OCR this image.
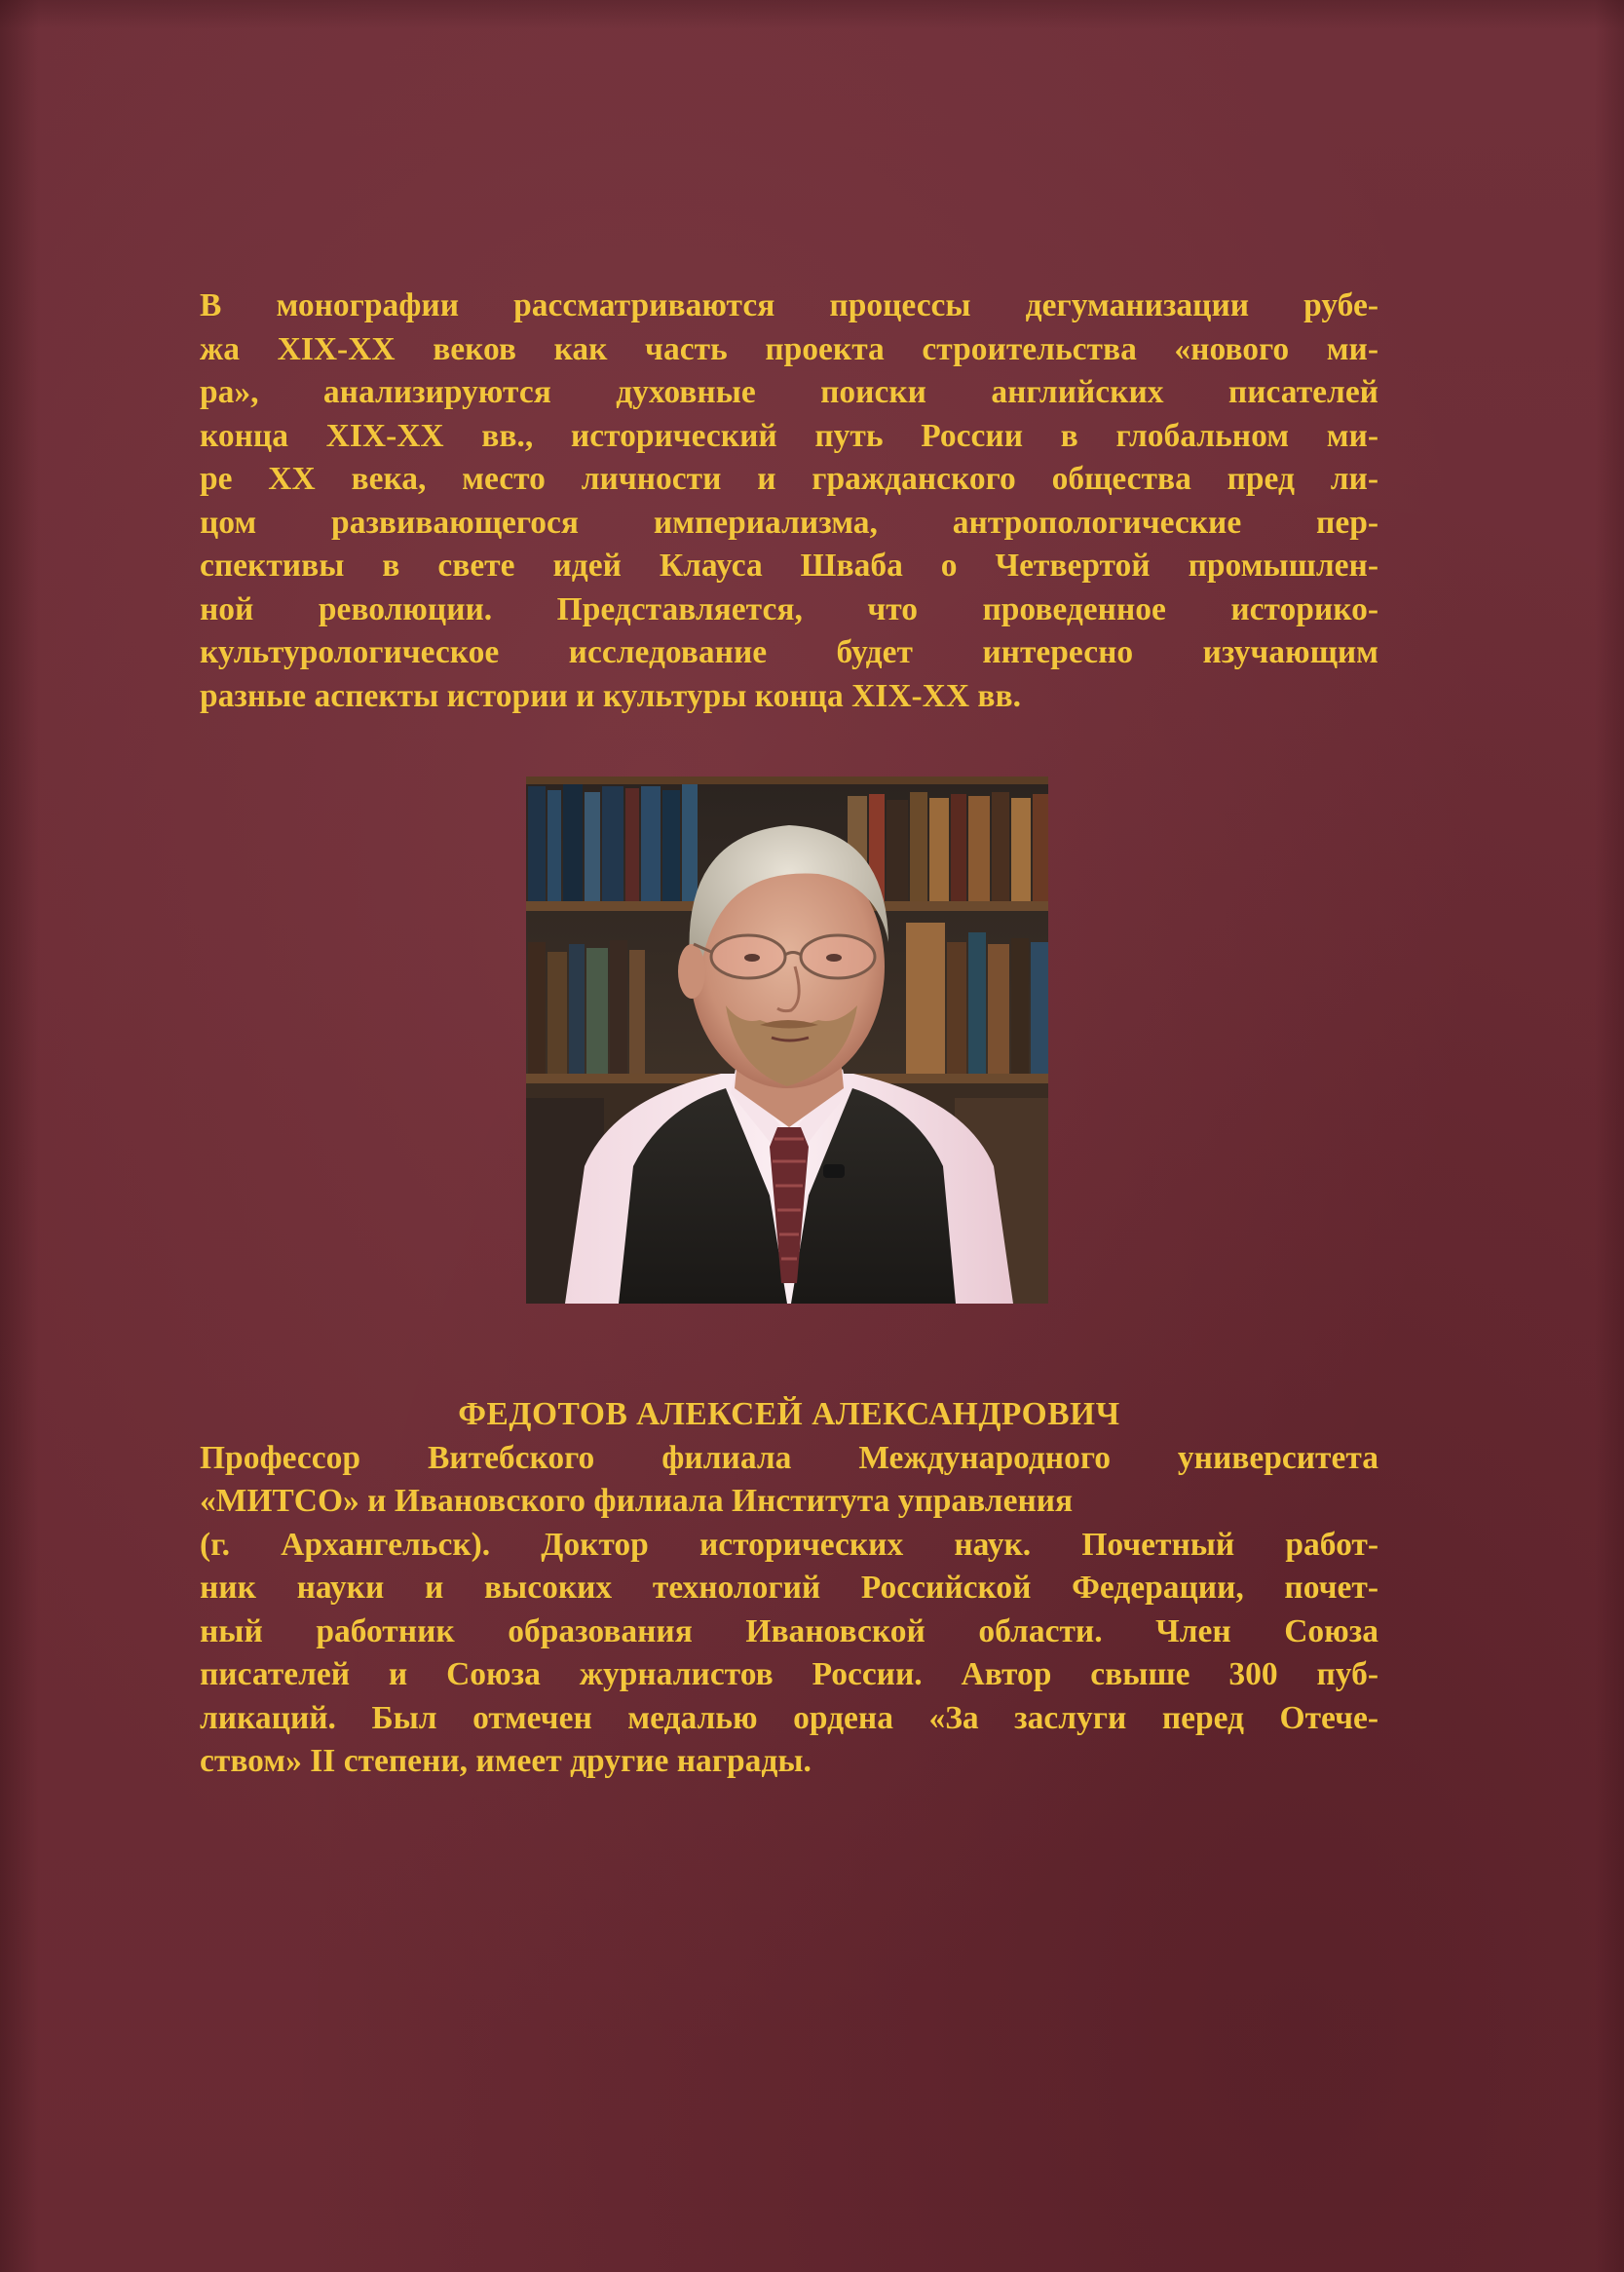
В монографии рассматриваются процессы дегуманизации рубе-
жа XIX-XX веков как часть проекта строительства «нового ми-
ра», анализируются духовные поиски английских писателей
конца XIX-XX вв., исторический путь России в глобальном ми-
ре XX века, место личности и гражданского общества пред ли-
цом развивающегося империализма, антропологические пер-
спективы в свете идей Клауса Шваба о Четвертой промышлен-
ной революции. Представляется, что проведенное историко-
культурологическое исследование будет интересно изучающим
разные аспекты истории и культуры конца XIX-XX вв.
ФЕДОТОВ АЛЕКСЕЙ АЛЕКСАНДРОВИЧ
Профессор Витебского филиала Международного университета
«МИТСО» и Ивановского филиала Института управления
(г. Архангельск). Доктор исторических наук. Почетный работ-
ник науки и высоких технологий Российской Федерации, почет-
ный работник образования Ивановской области. Член Союза
писателей и Союза журналистов России. Автор свыше 300 пуб-
ликаций. Был отмечен медалью ордена «За заслуги перед Отече-
ством» II степени, имеет другие награды.
